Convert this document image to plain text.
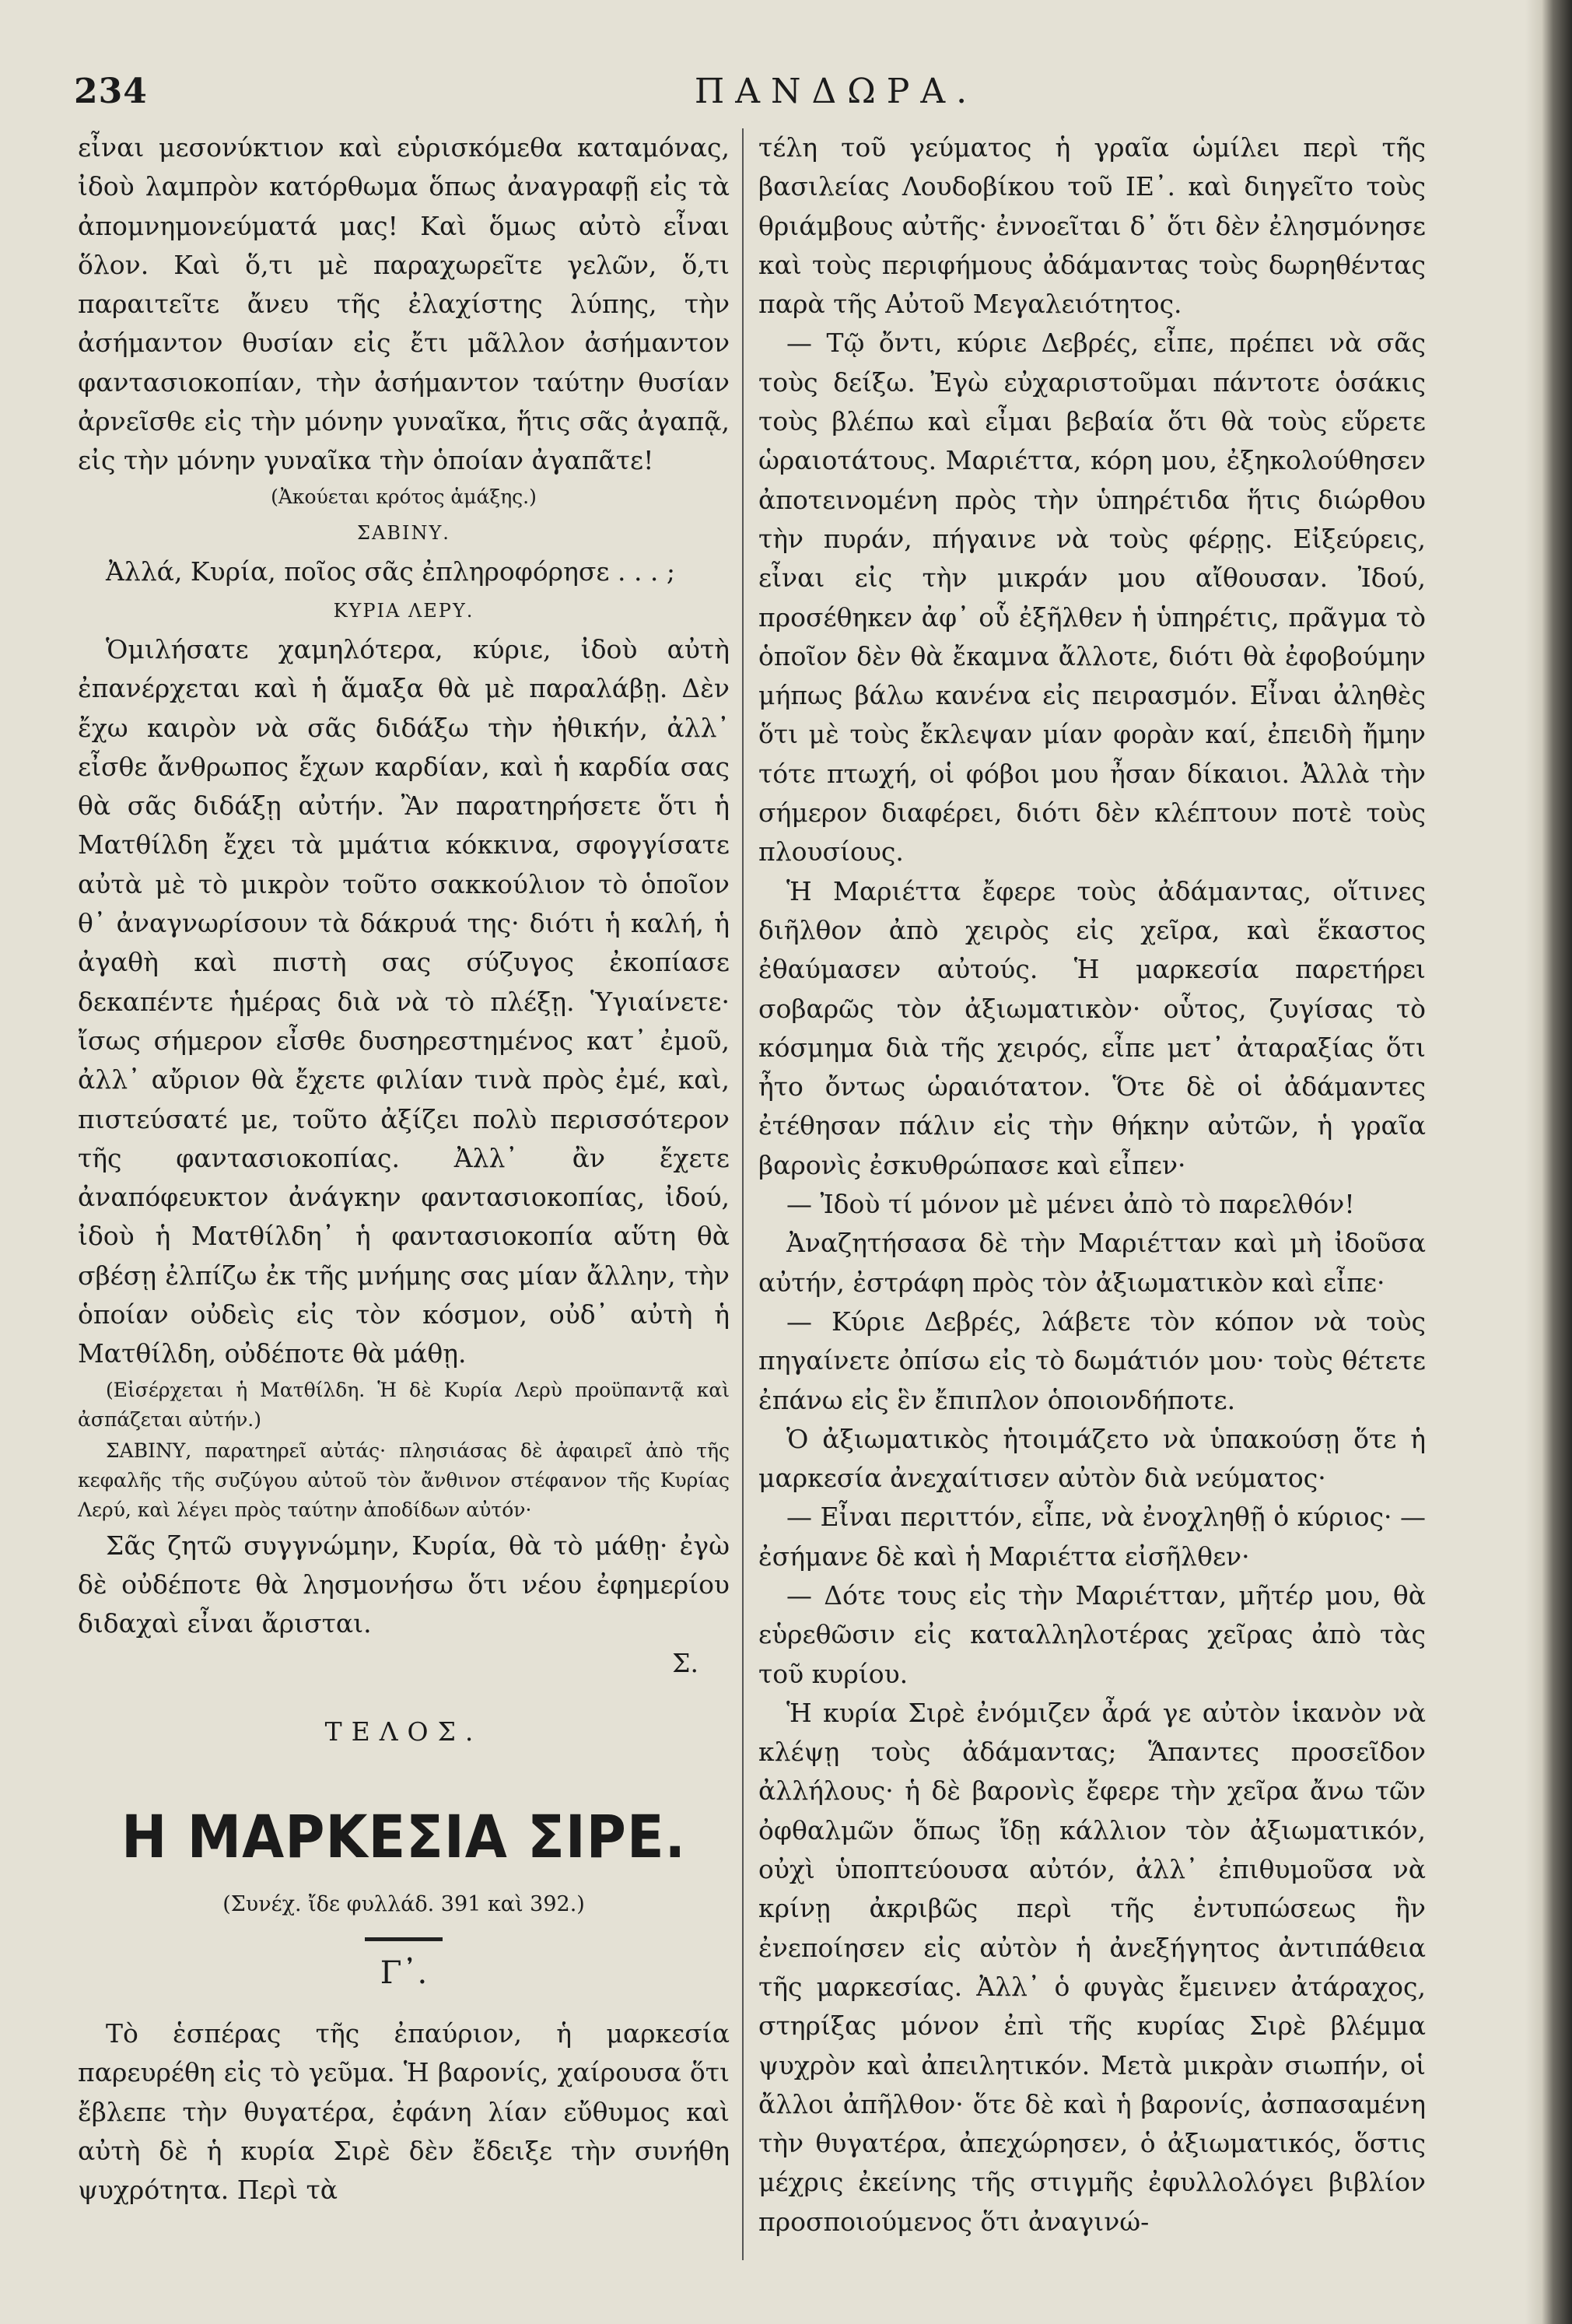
234	ΠΑΝΔΩΡΑ.

εἶναι μεσονύκτιον καὶ εὑρισκόμεθα καταμόνας, ἰδοὺ λαμπρὸν κατόρθωμα ὅπως ἀναγραφῇ εἰς τὰ ἀπομνημονεύματά μας! Καὶ ὅμως αὐτὸ εἶναι ὅλον. Καὶ ὅ,τι μὲ παραχωρεῖτε γελῶν, ὅ,τι παραιτεῖτε ἄνευ τῆς ἐλαχίστης λύπης, τὴν ἀσήμαντον θυσίαν εἰς ἔτι μᾶλλον ἀσήμαντον φαντασιοκοπίαν, τὴν ἀσήμαντον ταύτην θυσίαν ἀρνεῖσθε εἰς τὴν μόνην γυναῖκα, ἥτις σᾶς ἀγαπᾷ, εἰς τὴν μόνην γυναῖκα τὴν ὁποίαν ἀγαπᾶτε!

(Ἀκούεται κρότος ἁμάξης.)
ΣΑΒΙΝΥ.

Ἀλλά, Κυρία, ποῖος σᾶς ἐπληροφόρησε . . . ;

ΚΥΡΙΑ ΛΕΡΥ.

Ὁμιλήσατε χαμηλότερα, κύριε, ἰδοὺ αὐτὴ ἐπανέρχεται καὶ ἡ ἅμαξα θὰ μὲ παραλάβῃ. Δὲν ἔχω καιρὸν νὰ σᾶς διδάξω τὴν ἠθικήν, ἀλλ᾽ εἶσθε ἄνθρωπος ἔχων καρδίαν, καὶ ἡ καρδία σας θὰ σᾶς διδάξῃ αὐτήν. Ἂν παρατηρήσετε ὅτι ἡ Ματθίλδη ἔχει τὰ μμάτια κόκκινα, σφογγίσατε αὐτὰ μὲ τὸ μικρὸν τοῦτο σακκούλιον τὸ ὁποῖον θ᾽ ἀναγνωρίσουν τὰ δάκρυά της· διότι ἡ καλή, ἡ ἀγαθὴ καὶ πιστὴ σας σύζυγος ἐκοπίασε δεκαπέντε ἡμέρας διὰ νὰ τὸ πλέξῃ. Ὑγιαίνετε· ἴσως σήμερον εἶσθε δυσηρεστημένος κατ᾽ ἐμοῦ, ἀλλ᾽ αὔριον θὰ ἔχετε φιλίαν τινὰ πρὸς ἐμέ, καὶ, πιστεύσατέ με, τοῦτο ἀξίζει πολὺ περισσότερον τῆς φαντασιοκοπίας. Ἀλλ᾽ ἂν ἔχετε ἀναπόφευκτον ἀνάγκην φαντασιοκοπίας, ἰδού, ἰδοὺ ἡ Ματθίλδη᾽ ἡ φαντασιοκοπία αὕτη θὰ σβέσῃ ἐλπίζω ἐκ τῆς μνήμης σας μίαν ἄλλην, τὴν ὁποίαν οὐδεὶς εἰς τὸν κόσμον, οὐδ᾽ αὐτὴ ἡ Ματθίλδη, οὐδέποτε θὰ μάθῃ.

(Εἰσέρχεται ἡ Ματθίλδη. Ἡ δὲ Κυρία Λερὺ προϋπαντᾷ καὶ ἀσπάζεται αὐτήν.)
ΣΑΒΙΝΥ, παρατηρεῖ αὐτάς· πλησιάσας δὲ ἀφαιρεῖ ἀπὸ τῆς κεφαλῆς τῆς συζύγου αὐτοῦ τὸν ἄνθινον στέφανον τῆς Κυρίας Λερύ, καὶ λέγει πρὸς ταύτην ἀποδίδων αὐτόν·

Σᾶς ζητῶ συγγνώμην, Κυρία, θὰ τὸ μάθῃ· ἐγὼ δὲ οὐδέποτε θὰ λησμονήσω ὅτι νέου ἐφημερίου διδαχαὶ εἶναι ἄρισται.

Σ.
ΤΕΛΟΣ.
Η ΜΑΡΚΕΣΙΑ ΣΙΡΕ.
(Συνέχ. ἴδε φυλλάδ. 391 καὶ 392.)
Γ᾽.

Τὸ ἑσπέρας τῆς ἐπαύριον, ἡ μαρκεσία παρευρέθη εἰς τὸ γεῦμα. Ἡ βαρονίς, χαίρουσα ὅτι ἔβλεπε τὴν θυγατέρα, ἐφάνη λίαν εὔθυμος καὶ αὐτὴ δὲ ἡ κυρία Σιρὲ δὲν ἔδειξε τὴν συνήθη ψυχρότητα. Περὶ τὰ

τέλη τοῦ γεύματος ἡ γραῖα ὡμίλει περὶ τῆς βασιλείας Λουδοβίκου τοῦ ΙΕ᾽. καὶ διηγεῖτο τοὺς θριάμβους αὐτῆς· ἐννοεῖται δ᾽ ὅτι δὲν ἐλησμόνησε καὶ τοὺς περιφήμους ἀδάμαντας τοὺς δωρηθέντας παρὰ τῆς Αὐτοῦ Μεγαλειότητος.

— Τῷ ὄντι, κύριε Δεβρές, εἶπε, πρέπει νὰ σᾶς τοὺς δείξω. Ἐγὼ εὐχαριστοῦμαι πάντοτε ὁσάκις τοὺς βλέπω καὶ εἶμαι βεβαία ὅτι θὰ τοὺς εὕρετε ὡραιοτάτους. Μαριέττα, κόρη μου, ἐξηκολούθησεν ἀποτεινομένη πρὸς τὴν ὑπηρέτιδα ἥτις διώρθου τὴν πυράν, πήγαινε νὰ τοὺς φέρῃς. Εἰξεύρεις, εἶναι εἰς τὴν μικράν μου αἴθουσαν. Ἰδού, προσέθηκεν ἀφ᾽ οὗ ἐξῆλθεν ἡ ὑπηρέτις, πρᾶγμα τὸ ὁποῖον δὲν θὰ ἔκαμνα ἄλλοτε, διότι θὰ ἐφοβούμην μήπως βάλω κανένα εἰς πειρασμόν. Εἶναι ἀληθὲς ὅτι μὲ τοὺς ἔκλεψαν μίαν φορὰν καί, ἐπειδὴ ἤμην τότε πτωχή, οἱ φόβοι μου ἦσαν δίκαιοι. Ἀλλὰ τὴν σήμερον διαφέρει, διότι δὲν κλέπτουν ποτὲ τοὺς πλουσίους.

Ἡ Μαριέττα ἔφερε τοὺς ἀδάμαντας, οἵτινες διῆλθον ἀπὸ χειρὸς εἰς χεῖρα, καὶ ἕκαστος ἐθαύμασεν αὐτούς. Ἡ μαρκεσία παρετήρει σοβαρῶς τὸν ἀξιωματικὸν· οὗτος, ζυγίσας τὸ κόσμημα διὰ τῆς χειρός, εἶπε μετ᾽ ἀταραξίας ὅτι ἦτο ὄντως ὡραιότατον. Ὅτε δὲ οἱ ἀδάμαντες ἐτέθησαν πάλιν εἰς τὴν θήκην αὐτῶν, ἡ γραῖα βαρονὶς ἐσκυθρώπασε καὶ εἶπεν·

— Ἰδοὺ τί μόνον μὲ μένει ἀπὸ τὸ παρελθόν!

Ἀναζητήσασα δὲ τὴν Μαριέτταν καὶ μὴ ἰδοῦσα αὐτήν, ἐστράφη πρὸς τὸν ἀξιωματικὸν καὶ εἶπε·

— Κύριε Δεβρές, λάβετε τὸν κόπον νὰ τοὺς πηγαίνετε ὀπίσω εἰς τὸ δωμάτιόν μου· τοὺς θέτετε ἐπάνω εἰς ἓν ἔπιπλον ὁποιονδήποτε.

Ὁ ἀξιωματικὸς ἡτοιμάζετο νὰ ὑπακούσῃ ὅτε ἡ μαρκεσία ἀνεχαίτισεν αὐτὸν διὰ νεύματος·

— Εἶναι περιττόν, εἶπε, νὰ ἐνοχληθῇ ὁ κύριος· — ἐσήμανε δὲ καὶ ἡ Μαριέττα εἰσῆλθεν·

— Δότε τους εἰς τὴν Μαριέτταν, μῆτέρ μου, θὰ εὑρεθῶσιν εἰς καταλληλοτέρας χεῖρας ἀπὸ τὰς τοῦ κυρίου.

Ἡ κυρία Σιρὲ ἐνόμιζεν ἆρά γε αὐτὸν ἱκανὸν νὰ κλέψῃ τοὺς ἀδάμαντας; Ἅπαντες προσεῖδον ἀλλήλους· ἡ δὲ βαρονὶς ἔφερε τὴν χεῖρα ἄνω τῶν ὀφθαλμῶν ὅπως ἴδῃ κάλλιον τὸν ἀξιωματικόν, οὐχὶ ὑποπτεύουσα αὐτόν, ἀλλ᾽ ἐπιθυμοῦσα νὰ κρίνῃ ἀκριβῶς περὶ τῆς ἐντυπώσεως ἣν ἐνεποίησεν εἰς αὐτὸν ἡ ἀνεξήγητος ἀντιπάθεια τῆς μαρκεσίας. Ἀλλ᾽ ὁ φυγὰς ἔμεινεν ἀτάραχος, στηρίξας μόνον ἐπὶ τῆς κυρίας Σιρὲ βλέμμα ψυχρὸν καὶ ἀπειλητικόν. Μετὰ μικρὰν σιωπήν, οἱ ἄλλοι ἀπῆλθον· ὅτε δὲ καὶ ἡ βαρονίς, ἀσπασαμένη τὴν θυγατέρα, ἀπεχώρησεν, ὁ ἀξιωματικός, ὅστις μέχρις ἐκείνης τῆς στιγμῆς ἐφυλλολόγει βιβλίον προσποιούμενος ὅτι ἀναγινώ-
